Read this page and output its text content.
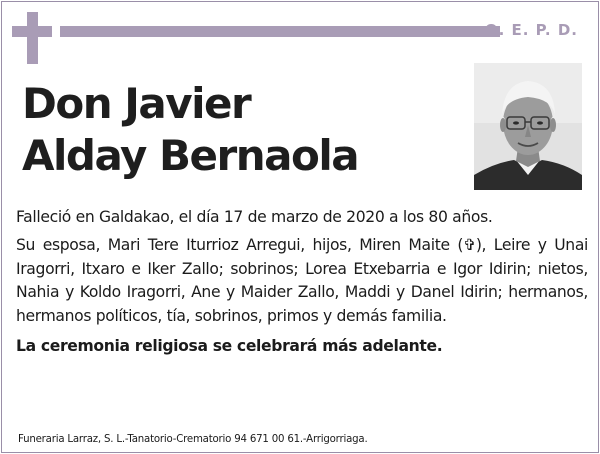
Q. E. P. D.
Don Javier
Alday Bernaola

Falleció en Galdakao, el día 17 de marzo de 2020 a los 80 años.

Su esposa, Mari Tere Iturrioz Arregui, hijos, Miren Maite (✞), Leire y Unai Iragorri, Itxaro e Iker Zallo; sobrinos; Lorea Etxebarria e Igor Idirin; nietos, Nahia y Koldo Iragorri, Ane y Maider Zallo, Maddi y Danel Idirin; hermanos, hermanos políticos, tía, sobrinos, primos y demás familia.

La ceremonia religiosa se celebrará más adelante.

Funeraria Larraz, S. L.-Tanatorio-Crematorio 94 671 00 61.-Arrigorriaga.
